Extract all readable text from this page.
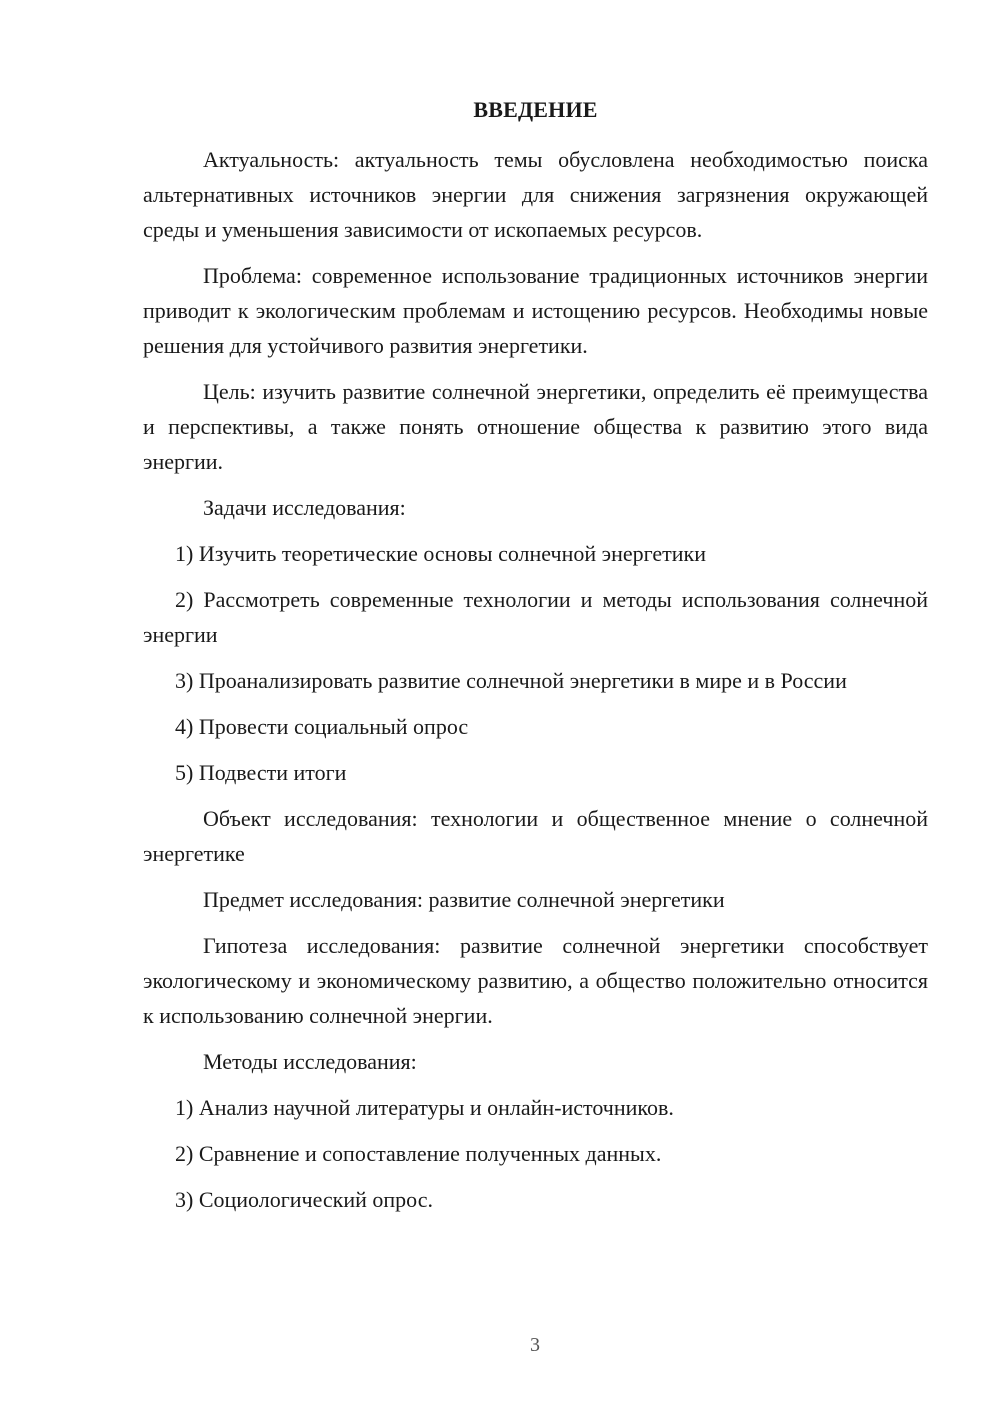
ВВЕДЕНИЕ

Актуальность: актуальность темы обусловлена необходимостью поиска альтернативных источников энергии для снижения загрязнения окружающей среды и уменьшения зависимости от ископаемых ресурсов.

Проблема: современное использование традиционных источников энергии приводит к экологическим проблемам и истощению ресурсов. Необходимы новые решения для устойчивого развития энергетики.

Цель: изучить развитие солнечной энергетики, определить её преимущества и перспективы, а также понять отношение общества к развитию этого вида энергии.

Задачи исследования:

1) Изучить теоретические основы солнечной энергетики

2) Рассмотреть современные технологии и методы использования солнечной энергии

3) Проанализировать развитие солнечной энергетики в мире и в России

4) Провести социальный опрос

5) Подвести итоги

Объект исследования: технологии и общественное мнение о солнечной энергетике

Предмет исследования: развитие солнечной энергетики

Гипотеза исследования: развитие солнечной энергетики способствует экологическому и экономическому развитию, а общество положительно относится к использованию солнечной энергии.

Методы исследования:

1) Анализ научной литературы и онлайн-источников.

2) Сравнение и сопоставление полученных данных.

3) Социологический опрос.

3
